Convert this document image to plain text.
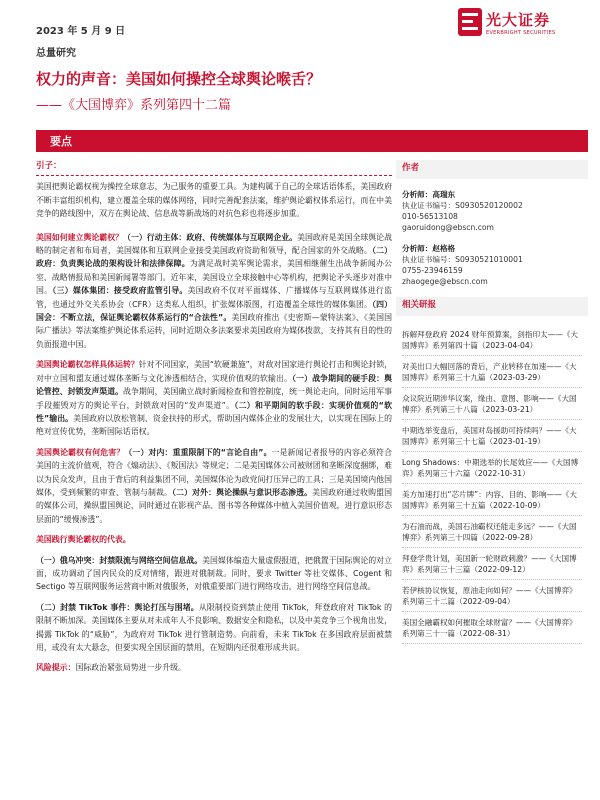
2023 年 5 月 9 日
光大证券
EVERBRIGHT SECURITIES
总量研究
权力的声音：美国如何操控全球舆论喉舌？
——《大国博弈》系列第四十二篇
要点
引子：

美国把舆论霸权视为操控全球意志，为己服务的重要工具。为建构属于自己的全球话语体系，美国政府不断丰富组织机构，建立覆盖全球的媒体网络，同时完善配套法案，维护舆论霸权体系运行，而在中美竞争的路线图中，双方在舆论战、信息战等新战场的对抗色彩也将逐步加重。

美国如何建立舆论霸权？（一）行动主体：政府、传统媒体与互联网企业。美国政府是美国全球舆论战略的制定者和布局者，美国媒体和互联网企业接受美国政府资助和领导，配合国家的外交战略。（二）政府：负责舆论战的架构设计和法律保障。为满足战时美军舆论需求，美国相继催生出战争新闻办公室、战略情报局和美国新闻署等部门。近年来，美国设立全球接触中心等机构，把舆论矛头逐步对准中国。（三）媒体集团：接受政府监管引导。美国政府不仅对平面媒体、广播媒体与互联网媒体进行监管，也通过外交关系协会（CFR）这类私人组织，扩张媒体版图，打造覆盖全球性的媒体集团。（四）国会：不断立法，保证舆论霸权体系运行的“合法性”。美国政府推出《史密斯—蒙特法案》、《美国国际广播法》等法案维护舆论体系运转，同时近期众多法案要求美国政府为媒体拨款，支持其有目的性的负面报道中国。

美国舆论霸权怎样具体运转？针对不同国家，美国“软硬兼施”，对敌对国家进行舆论打击和舆论封锁，对中立国和盟友通过媒体垄断与文化渗透相结合，实现价值观的软输出。（一）战争期间的硬手段：舆论管控、封锁发声渠道。战争期间，美国确立战时新闻检查和管控制度，统一舆论走向，同时运用军事手段摧毁对方的舆论平台，封锁敌对国的“发声渠道”。（二）和平期间的软手段：实现价值观的“软性”输出。美国政府以放松管制、资金扶持的形式，帮助国内媒体企业的发展壮大，以实现在国际上的绝对宣传优势，垄断国际话语权。

美国舆论霸权有何危害？（一）对内：重重限制下的“言论自由”。一是新闻记者报导的内容必须符合美国的主流价值观，符合《煽动法》、《叛国法》等规定；二是美国媒体公司被财团和垄断深度捆绑，难以为民众发声，且由于背后的利益集团不同，美国媒体沦为政党间打压异己的工具；三是美国境内他国媒体，受到频繁的审查、管制与制裁。（二）对外：舆论操纵与意识形态渗透。美国政府通过收购盟国的媒体公司，操纵盟国舆论，同时通过在影视产品、图书等各种媒体中植入美国价值观，进行意识形态层面的“缓慢渗透”。

美国践行舆论霸权的代表。

（一）俄乌冲突：封禁限流与网络空间信息战。美国媒体编造大量虚假报道，把俄置于国际舆论的对立面，成功调动了国内民众的反对情绪，跟进对俄制裁。同时，要求 Twitter 等社交媒体、Cogent 和 Sectigo 等互联网服务运营商中断对俄服务，对俄重要部门进行网络攻击，进行网络空间信息战。

（二）封禁 TikTok 事件：舆论打压与围堵。从限制投资到禁止使用 TikTok，拜登政府对 TikTok 的限制不断加深。美国媒体主要从对未成年人不良影响、数据安全和隐私，以及中美竞争三个视角出发，揭露 TikTok 的“威胁”，为政府对 TikTok 进行管制造势。向前看，未来 TikTok 在多国政府层面被禁用，或没有太大悬念，但要实现全国层面的禁用，在短期内还很难形成共识。

风险提示：国际政治紧张局势进一步升级。

作者
分析师：高瑞东
执业证书编号：S0930520120002
010-56513108
gaoruidong@ebscn.com
分析师：赵格格
执业证书编号：S0930521010001
0755-23946159
zhaogege@ebscn.com
相关研报
拆解拜登政府 2024 财年预算案，剑指印太——《大国博弈》系列第四十篇（2023-04-04）
对美出口大幅回落的背后，产业转移在加速——《大国博弈》系列第三十九篇（2023-03-29）
众议院近期涉华议案，缘由、意图、影响——《大国博弈》系列第三十八篇（2023-03-21）
中期选举变盘后，美国对岛援助可持续吗？——《大国博弈》系列第三十七篇（2023-01-19）
Long Shadows：中期选举的长尾效应——《大国博弈》系列第三十六篇（2022-10-31）
美方加速打出“芯片牌”：内容、目的、影响——《大国博弈》系列第三十五篇（2022-10-09）
为石油而战，美国石油霸权还能走多远？——《大国博弈》系列第三十四篇（2022-09-28）
拜登学贵计划，美国新一轮财政刺激？——《大国博弈》系列第三十三篇（2022-09-12）
若伊核协议恢复，原油走向如何？——《大国博弈》系列第三十二篇（2022-09-04）
美国全融霸权如何摧取全球财富？——《大国博弈》系列第三十一篇（2022-08-31）
